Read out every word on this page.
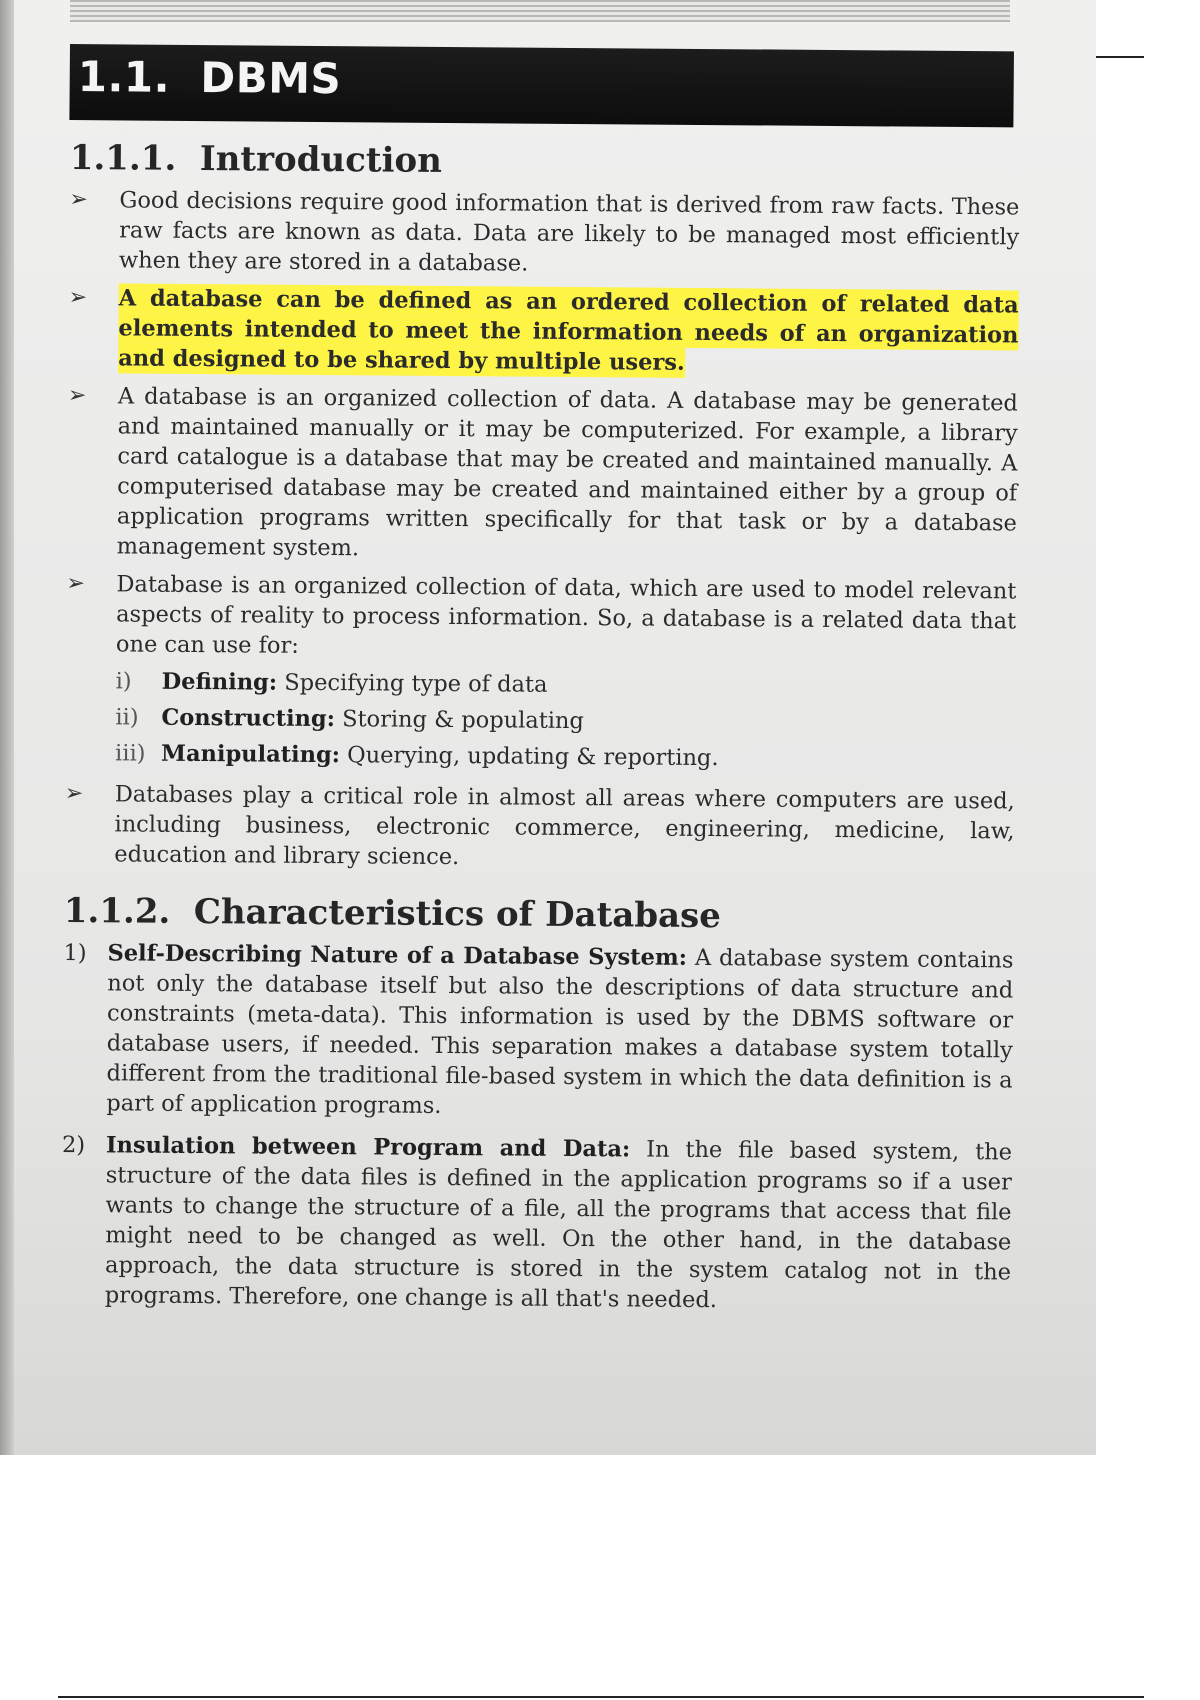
1.1. DBMS
1.1.1. Introduction
➢	Good decisions require good information that is derived from raw facts. These raw facts are known as data. Data are likely to be managed most efficiently when they are stored in a database.
➢	A database can be defined as an ordered collection of related data elements intended to meet the information needs of an organization and designed to be shared by multiple users.
➢	A database is an organized collection of data. A database may be generated and maintained manually or it may be computerized. For example, a library card catalogue is a database that may be created and maintained manually. A computerised database may be created and maintained either by a group of application programs written specifically for that task or by a database management system.
➢	Database is an organized collection of data, which are used to model relevant aspects of reality to process information. So, a database is a related data that one can use for:
i) Defining: Specifying type of data
ii) Constructing: Storing & populating
iii) Manipulating: Querying, updating & reporting.
➢	Databases play a critical role in almost all areas where computers are used, including business, electronic commerce, engineering, medicine, law, education and library science.
1.1.2. Characteristics of Database
1) Self-Describing Nature of a Database System: A database system contains not only the database itself but also the descriptions of data structure and constraints (meta-data). This information is used by the DBMS software or database users, if needed. This separation makes a database system totally different from the traditional file-based system in which the data definition is a part of application programs.
2) Insulation between Program and Data: In the file based system, the structure of the data files is defined in the application programs so if a user wants to change the structure of a file, all the programs that access that file might need to be changed as well. On the other hand, in the database approach, the data structure is stored in the system catalog not in the programs. Therefore, one change is all that's needed.
